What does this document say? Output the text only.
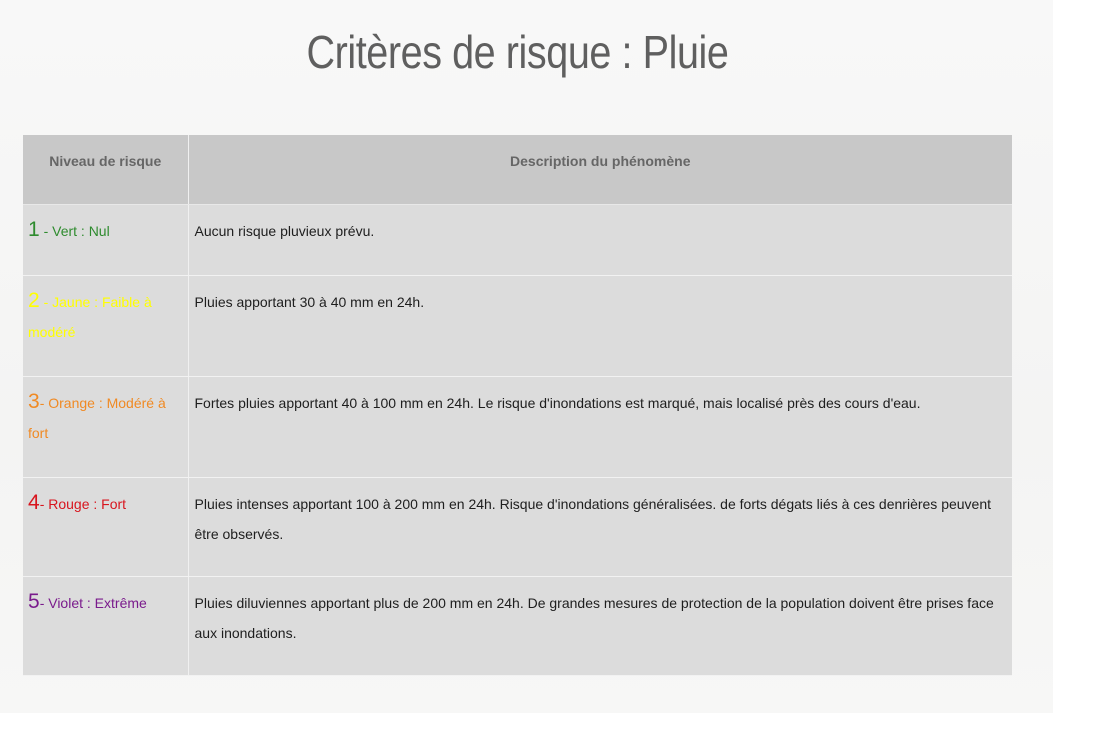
Critères de risque : Pluie
Niveau de risque	Description du phénomène
1 - Vert : Nul	Aucun risque pluvieux prévu.
2 - Jaune : Faible à modéré	Pluies apportant 30 à 40 mm en 24h.
3- Orange : Modéré à fort	Fortes pluies apportant 40 à 100 mm en 24h. Le risque d'inondations est marqué, mais localisé près des cours d'eau.
4- Rouge : Fort	Pluies intenses apportant 100 à 200 mm en 24h. Risque d'inondations généralisées. de forts dégats liés à ces denrières peuvent être observés.
5- Violet : Extrême	Pluies diluviennes apportant plus de 200 mm en 24h. De grandes mesures de protection de la population doivent être prises face aux inondations.
